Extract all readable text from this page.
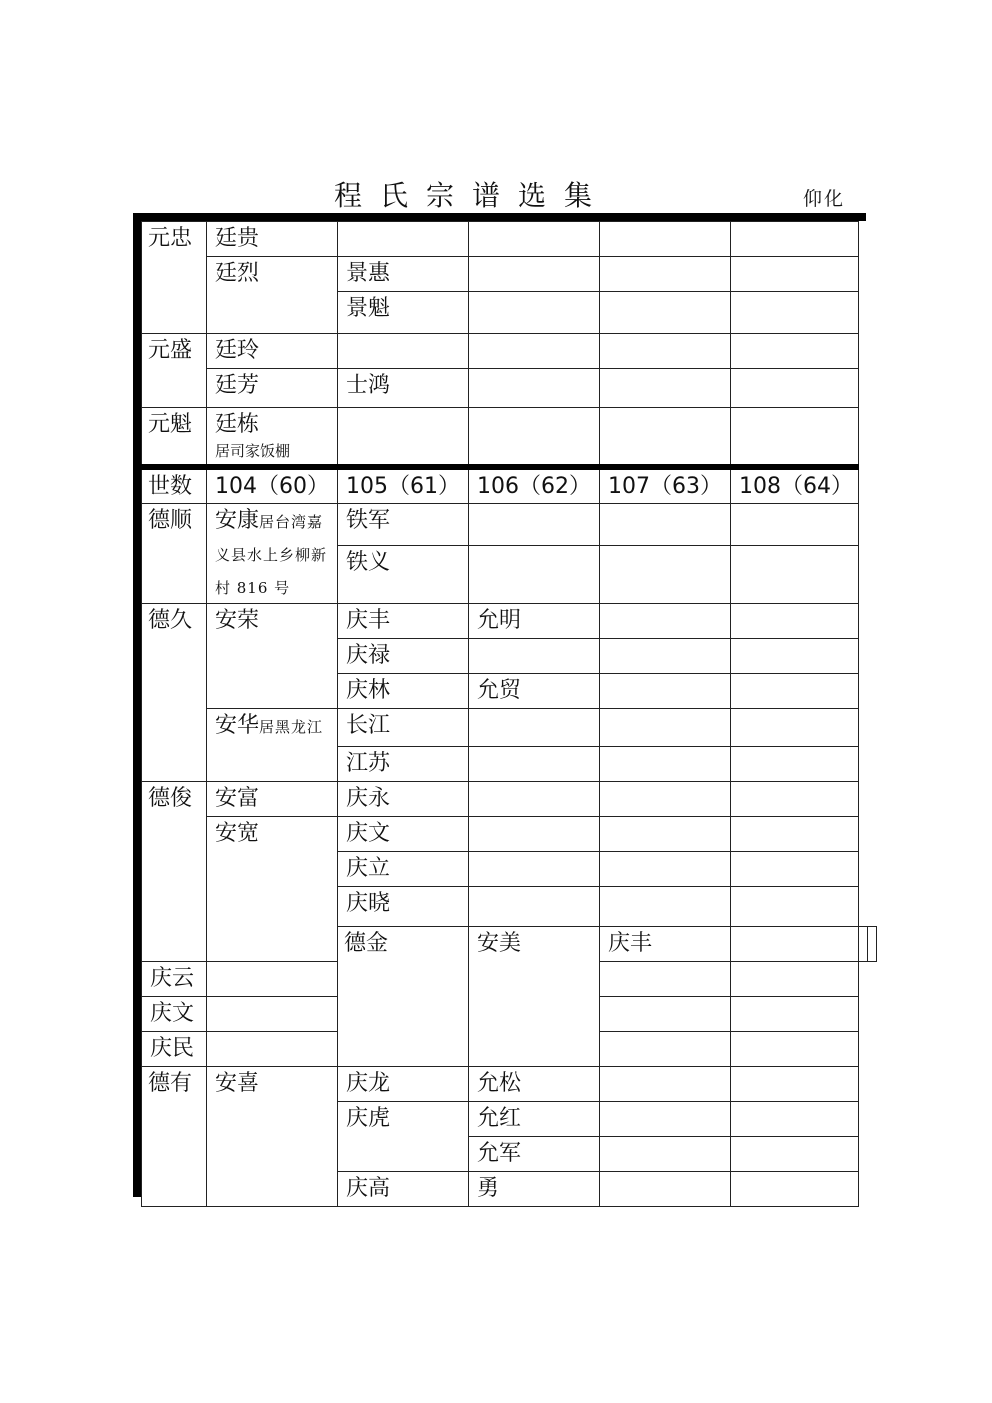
程氏宗谱选集	仰化
元忠	廷贵						
	廷烈	景惠					
		景魁					
元盛	廷玲						
	廷芳	士鸿					
元魁	廷栋
居司家饭棚						

世数	104（60）	105（61）	106（62）	107（63）	108（64）		
德顺	安康居台湾嘉义县水上乡柳新村 816 号	铁军					
		铁义					
德久	安荣	庆丰	允明				
		庆禄					
		庆林	允贸				
	安华居黑龙江	长江					
		江苏					
德俊	安富	庆永					
	安宽	庆文					
		庆立					
		庆晓					
		德金	安美	庆丰			
庆云							
庆文							
庆民							
德有	安喜	庆龙	允松				
		庆虎	允红				
			允军				
		庆高	勇				
